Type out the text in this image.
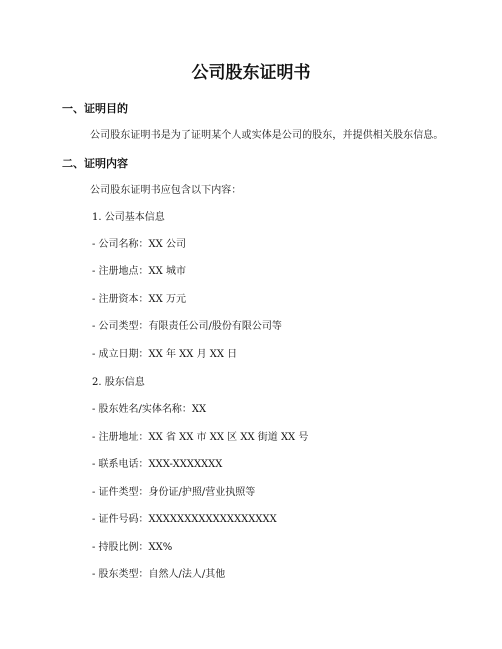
公司股东证明书
一、证明目的
公司股东证明书是为了证明某个人或实体是公司的股东，并提供相关股东信息。
二、证明内容
公司股东证明书应包含以下内容：
1. 公司基本信息
- 公司名称：XX 公司
- 注册地点：XX 城市
- 注册资本：XX 万元
- 公司类型：有限责任公司/股份有限公司等
- 成立日期：XX 年 XX 月 XX 日
2. 股东信息
- 股东姓名/实体名称：XX
- 注册地址：XX 省 XX 市 XX 区 XX 街道 XX 号
- 联系电话：XXX-XXXXXXX
- 证件类型：身份证/护照/营业执照等
- 证件号码：XXXXXXXXXXXXXXXXXX
- 持股比例：XX%
- 股东类型：自然人/法人/其他
